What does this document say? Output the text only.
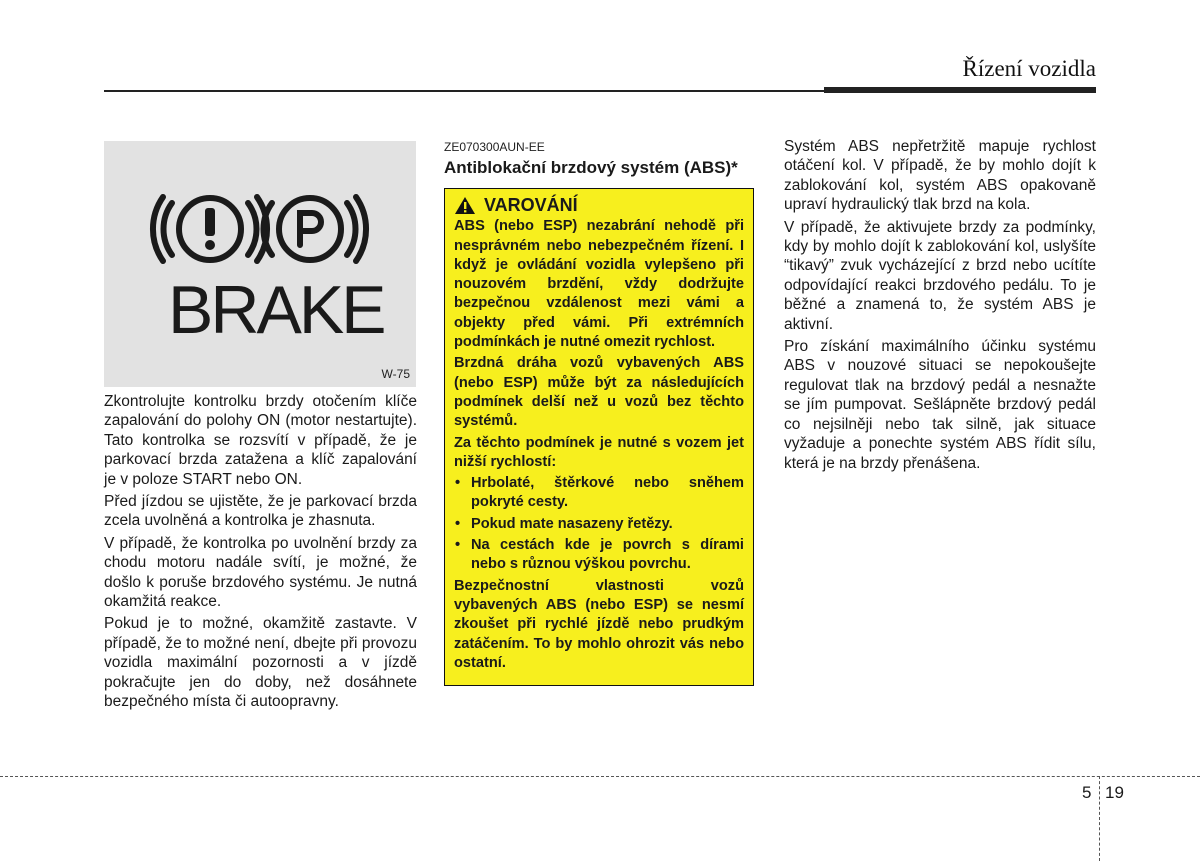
Řízení vozidla
BRAKE
W-75

Zkontrolujte kontrolku brzdy otočením klíče zapalování do polohy ON (motor nestartujte). Tato kontrolka se rozsvítí v případě, že je parkovací brzda zatažena a klíč zapalování je v poloze START nebo ON.

Před jízdou se ujistěte, že je parkovací brzda zcela uvolněná a kontrolka je zhasnuta.

V případě, že kontrolka po uvolnění brzdy za chodu motoru nadále svítí, je možné, že došlo k poruše brzdového systému. Je nutná okamžitá reakce.

Pokud je to možné, okamžitě zastavte. V případě, že to možné není, dbejte při provozu vozidla maximální pozornosti a v jízdě pokračujte jen do doby, než dosáhnete bezpečného místa či autoopravny.

ZE070300AUN-EE
Antiblokační brzdový systém (ABS)*
VAROVÁNÍ

ABS (nebo ESP) nezabrání nehodě při nesprávném nebo nebezpečném řízení. I když je ovládání vozidla vylepšeno při nouzovém brzdění, vždy dodržujte bezpečnou vzdálenost mezi vámi a objekty před vámi. Při extrémních podmínkách je nutné omezit rychlost.

Brzdná dráha vozů vybavených ABS (nebo ESP) může být za následujících podmínek delší než u vozů bez těchto systémů.

Za těchto podmínek je nutné s vozem jet nižší rychlostí:

• Hrbolaté, štěrkové nebo sněhem pokryté cesty.
• Pokud mate nasazeny řetězy.
• Na cestách kde je povrch s dírami nebo s různou výškou povrchu.

Bezpečnostní vlastnosti vozů vybavených ABS (nebo ESP) se nesmí zkoušet při rychlé jízdě nebo prudkým zatáčením. To by mohlo ohrozit vás nebo ostatní.

Systém ABS nepřetržitě mapuje rychlost otáčení kol. V případě, že by mohlo dojít k zablokování kol, systém ABS opakovaně upraví hydraulický tlak brzd na kola.

V případě, že aktivujete brzdy za podmínky, kdy by mohlo dojít k zablokování kol, uslyšíte “tikavý” zvuk vycházející z brzd nebo ucítíte odpovídající reakci brzdového pedálu. To je běžné a znamená to, že systém ABS je aktivní.

Pro získání maximálního účinku systému ABS v nouzové situaci se nepokoušejte regulovat tlak na brzdový pedál a nesnažte se jím pumpovat. Sešlápněte brzdový pedál co nejsilněji nebo tak silně, jak situace vyžaduje a ponechte systém ABS řídit sílu, která je na brzdy přenášena.

5 19
